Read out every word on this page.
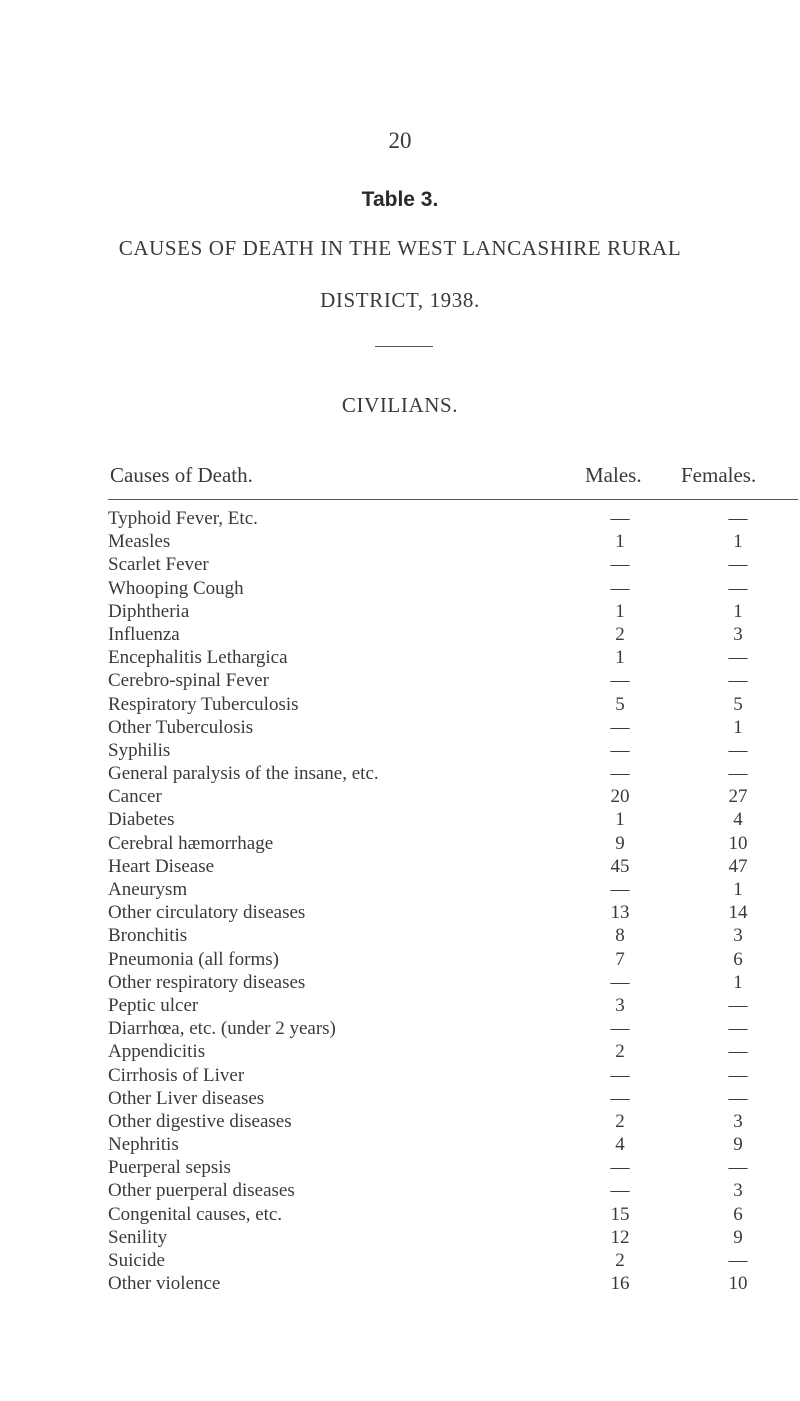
20
Table 3.
CAUSES OF DEATH IN THE WEST LANCASHIRE RURAL
DISTRICT, 1938.
CIVILIANS.
Causes of Death.	Males. Females.
Typhoid Fever, Etc.	—	—
Measles	1	1
Scarlet Fever	—	—
Whooping Cough	—	—
Diphtheria	1	1
Influenza	2	3
Encephalitis Lethargica	1	—
Cerebro-spinal Fever	—	—
Respiratory Tuberculosis	5	5
Other Tuberculosis	—	1
Syphilis	—	—
General paralysis of the insane, etc.	—	—
Cancer	20	27
Diabetes	1	4
Cerebral hæmorrhage	9	10
Heart Disease	45	47
Aneurysm	—	1
Other circulatory diseases	13	14
Bronchitis	8	3
Pneumonia (all forms)	7	6
Other respiratory diseases	—	1
Peptic ulcer	3	—
Diarrhœa, etc. (under 2 years)	—	—
Appendicitis	2	—
Cirrhosis of Liver	—	—
Other Liver diseases	—	—
Other digestive diseases	2	3
Nephritis	4	9
Puerperal sepsis	—	—
Other puerperal diseases	—	3
Congenital causes, etc.	15	6
Senility	12	9
Suicide	2	—
Other violence	16	10
